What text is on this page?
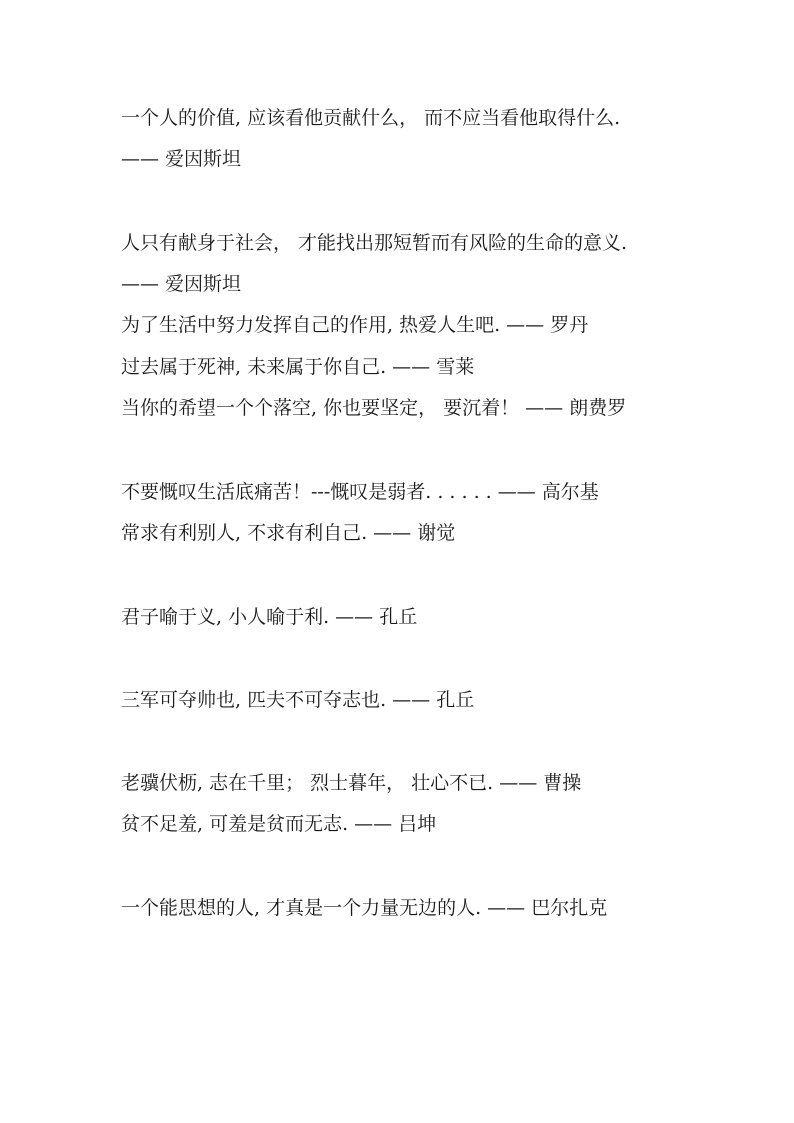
一个人的价值, 应该看他贡献什么， 而不应当看他取得什么.

—— 爱因斯坦

人只有献身于社会， 才能找出那短暂而有风险的生命的意义.

—— 爱因斯坦

为了生活中努力发挥自己的作用, 热爱人生吧. —— 罗丹

过去属于死神, 未来属于你自己. —— 雪莱

当你的希望一个个落空, 你也要坚定， 要沉着！ —— 朗费罗

不要慨叹生活底痛苦！---慨叹是弱者. . . . . . —— 高尔基

常求有利别人, 不求有利自己. —— 谢觉

君子喻于义, 小人喻于利. —— 孔丘

三军可夺帅也, 匹夫不可夺志也. —— 孔丘

老骥伏枥, 志在千里； 烈士暮年， 壮心不已. —— 曹操

贫不足羞, 可羞是贫而无志. —— 吕坤

一个能思想的人, 才真是一个力量无边的人. —— 巴尔扎克
